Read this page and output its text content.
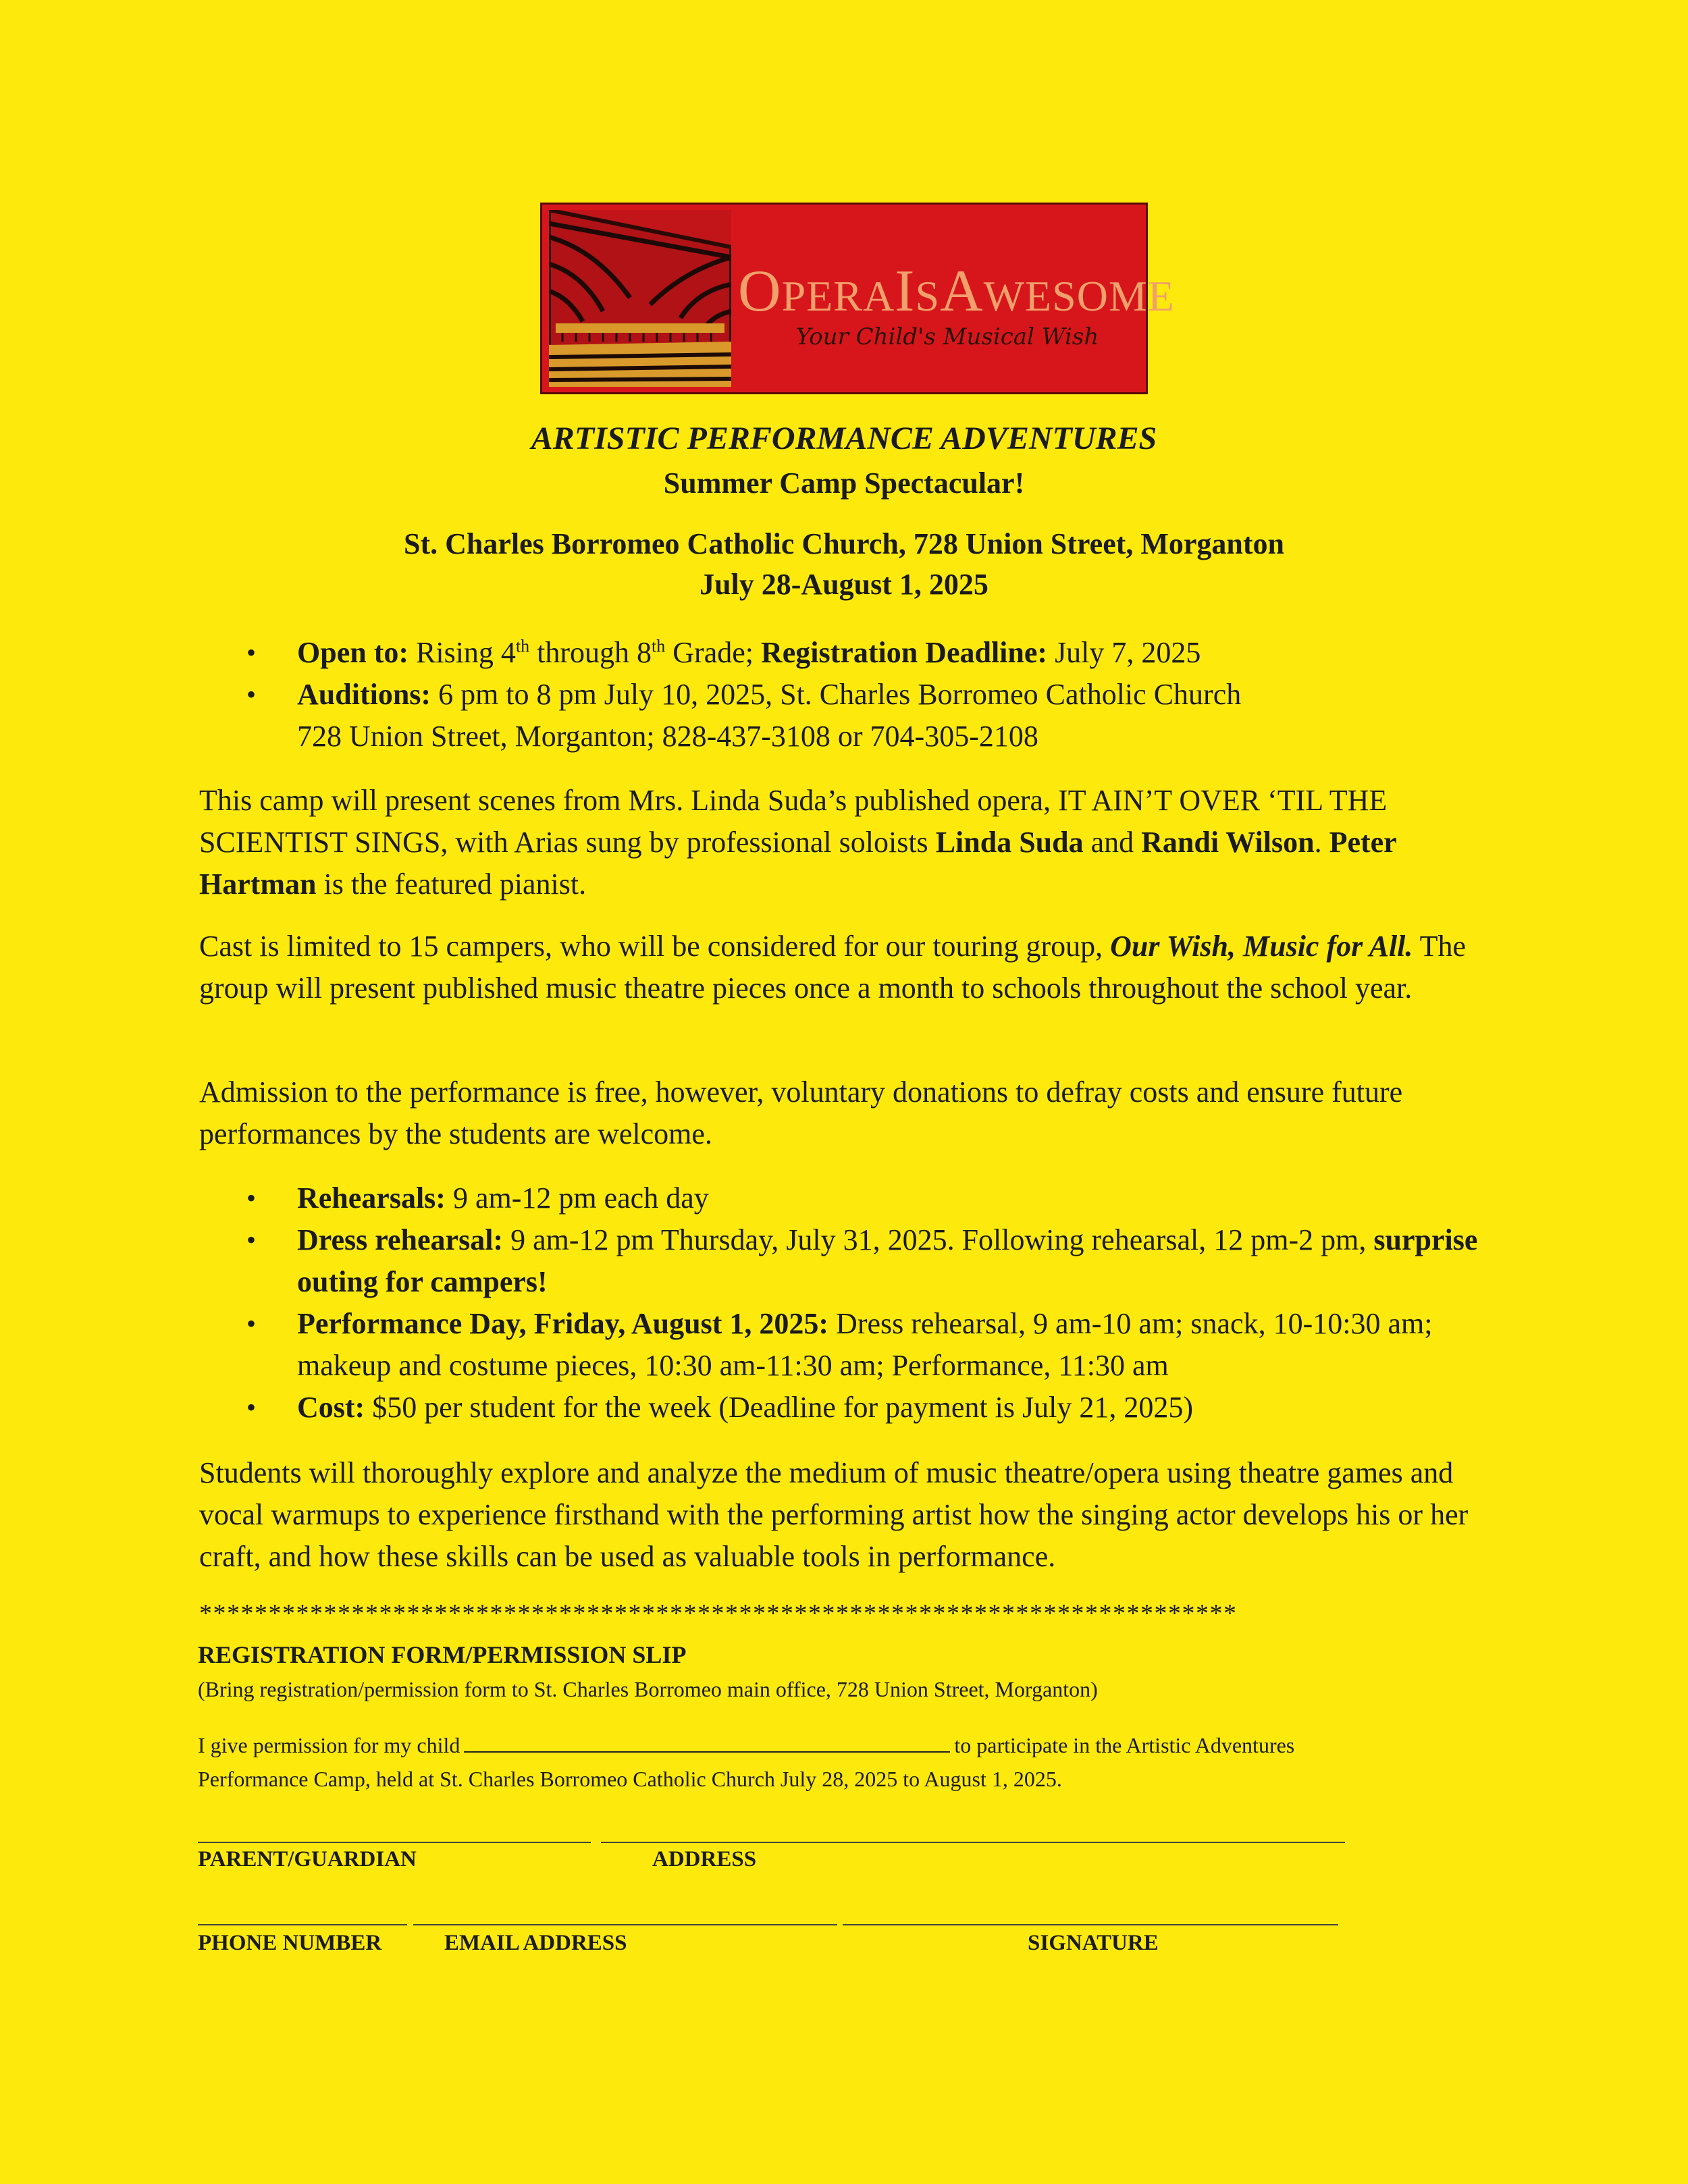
OPERAISAWESOME
Your Child's Musical Wish
ARTISTIC PERFORMANCE ADVENTURES
Summer Camp Spectacular!
St. Charles Borromeo Catholic Church, 728 Union Street, Morganton
July 28-August 1, 2025
• Open to: Rising 4th through 8th Grade; Registration Deadline: July 7, 2025
• Auditions: 6 pm to 8 pm July 10, 2025, St. Charles Borromeo Catholic Church
728 Union Street, Morganton; 828-437-3108 or 704-305-2108

This camp will present scenes from Mrs. Linda Suda’s published opera, IT AIN’T OVER ‘TIL THE SCIENTIST SINGS, with Arias sung by professional soloists Linda Suda and Randi Wilson. Peter Hartman is the featured pianist.

Cast is limited to 15 campers, who will be considered for our touring group, Our Wish, Music for All. The group will present published music theatre pieces once a month to schools throughout the school year.

Admission to the performance is free, however, voluntary donations to defray costs and ensure future performances by the students are welcome.

• Rehearsals: 9 am-12 pm each day
• Dress rehearsal: 9 am-12 pm Thursday, July 31, 2025. Following rehearsal, 12 pm-2 pm, surprise outing for campers!
• Performance Day, Friday, August 1, 2025: Dress rehearsal, 9 am-10 am; snack, 10-10:30 am; makeup and costume pieces, 10:30 am-11:30 am; Performance, 11:30 am
• Cost: $50 per student for the week (Deadline for payment is July 21, 2025)

Students will thoroughly explore and analyze the medium of music theatre/opera using theatre games and vocal warmups to experience firsthand with the performing artist how the singing actor develops his or her craft, and how these skills can be used as valuable tools in performance.

***************************************************************************
REGISTRATION FORM/PERMISSION SLIP
(Bring registration/permission form to St. Charles Borromeo main office, 728 Union Street, Morganton)

I give permission for my child	to participate in the Artistic Adventures

Performance Camp, held at St. Charles Borromeo Catholic Church July 28, 2025 to August 1, 2025.

PARENT/GUARDIAN	ADDRESS
PHONE NUMBER	EMAIL ADDRESS	SIGNATURE
